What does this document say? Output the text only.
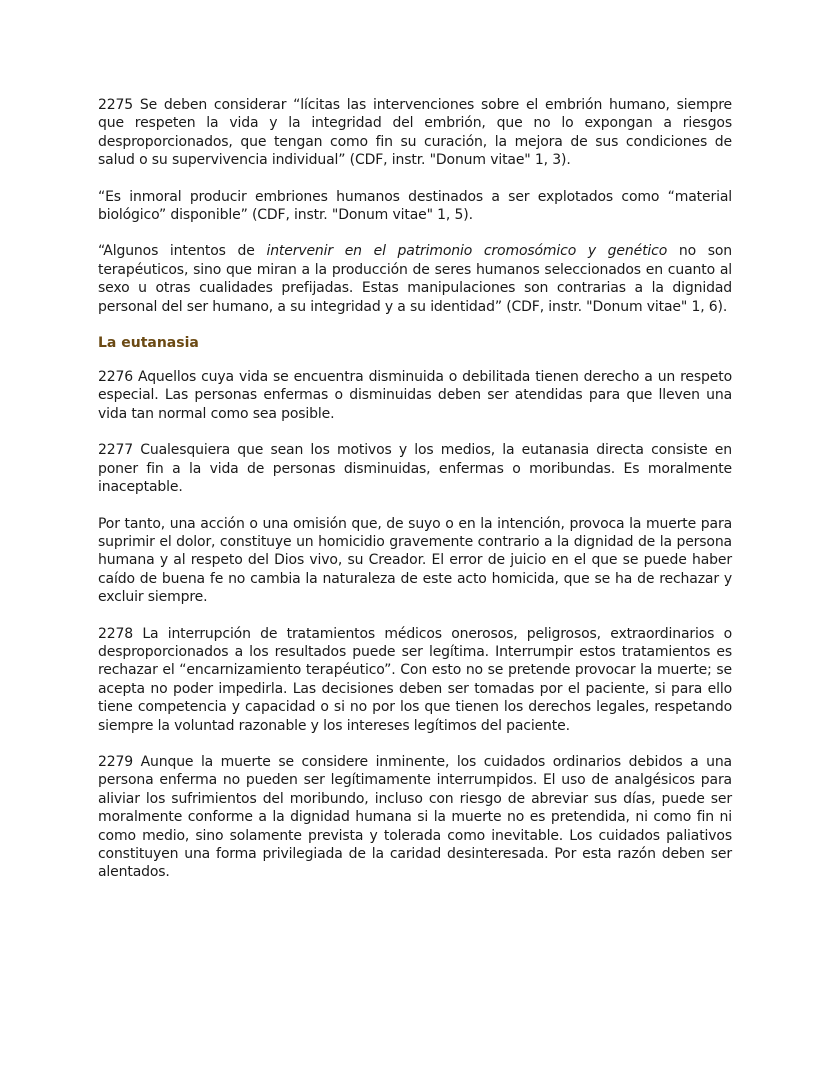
2275 Se deben considerar “lícitas las intervenciones sobre el embrión humano, siempre que respeten la vida y la integridad del embrión, que no lo expongan a riesgos desproporcionados, que tengan como fin su curación, la mejora de sus condiciones de salud o su supervivencia individual” (CDF, instr. "Donum vitae" 1, 3).

“Es inmoral producir embriones humanos destinados a ser explotados como “material biológico” disponible” (CDF, instr. "Donum vitae" 1, 5).

“Algunos intentos de intervenir en el patrimonio cromosómico y genético no son terapéuticos, sino que miran a la producción de seres humanos seleccionados en cuanto al sexo u otras cualidades prefijadas. Estas manipulaciones son contrarias a la dignidad personal del ser humano, a su integridad y a su identidad” (CDF, instr. "Donum vitae" 1, 6).

La eutanasia

2276 Aquellos cuya vida se encuentra disminuida o debilitada tienen derecho a un respeto especial. Las personas enfermas o disminuidas deben ser atendidas para que lleven una vida tan normal como sea posible.

2277 Cualesquiera que sean los motivos y los medios, la eutanasia directa consiste en poner fin a la vida de personas disminuidas, enfermas o moribundas. Es moralmente inaceptable.

Por tanto, una acción o una omisión que, de suyo o en la intención, provoca la muerte para suprimir el dolor, constituye un homicidio gravemente contrario a la dignidad de la persona humana y al respeto del Dios vivo, su Creador. El error de juicio en el que se puede haber caído de buena fe no cambia la naturaleza de este acto homicida, que se ha de rechazar y excluir siempre.

2278 La interrupción de tratamientos médicos onerosos, peligrosos, extraordinarios o desproporcionados a los resultados puede ser legítima. Interrumpir estos tratamientos es rechazar el “encarnizamiento terapéutico”. Con esto no se pretende provocar la muerte; se acepta no poder impedirla. Las decisiones deben ser tomadas por el paciente, si para ello tiene competencia y capacidad o si no por los que tienen los derechos legales, respetando siempre la voluntad razonable y los intereses legítimos del paciente.

2279 Aunque la muerte se considere inminente, los cuidados ordinarios debidos a una persona enferma no pueden ser legítimamente interrumpidos. El uso de analgésicos para aliviar los sufrimientos del moribundo, incluso con riesgo de abreviar sus días, puede ser moralmente conforme a la dignidad humana si la muerte no es pretendida, ni como fin ni como medio, sino solamente prevista y tolerada como inevitable. Los cuidados paliativos constituyen una forma privilegiada de la caridad desinteresada. Por esta razón deben ser alentados.
